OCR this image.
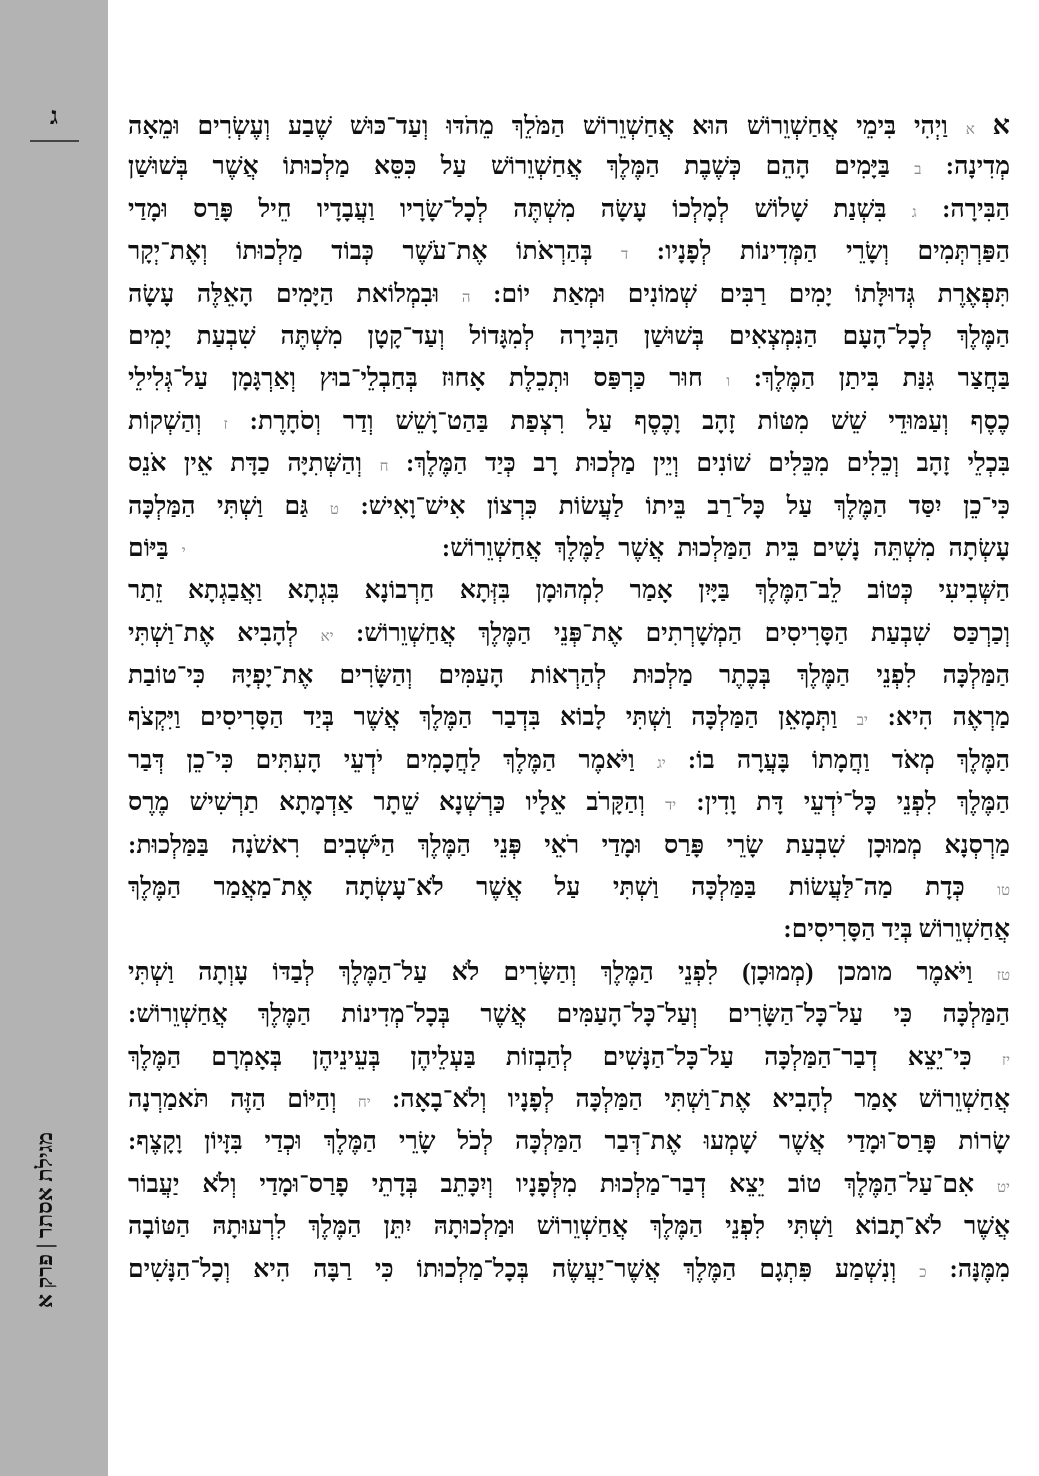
ג
מגילת אסתר | פרק א
א א וַיְהִי בִּימֵי אֲחַשְׁוֵרוֹשׁ הוּא אֲחַשְׁוֵרוֹשׁ הַמֹּלֵךְ מֵהֹדּוּ וְעַד־כּוּשׁ שֶׁבַע וְעֶשְׂרִים וּמֵאָה
מְדִינָה: ב בַּיָּמִים הָהֵם כְּשֶׁבֶת הַמֶּלֶךְ אֲחַשְׁוֵרוֹשׁ עַל כִּסֵּא מַלְכוּתוֹ אֲשֶׁר בְּשׁוּשַׁן
הַבִּירָה: ג בִּשְׁנַת שָׁלוֹשׁ לְמָלְכוֹ עָשָׂה מִשְׁתֶּה לְכָל־שָׂרָיו וַעֲבָדָיו חֵיל פָּרַס וּמָדַי
הַפַּרְתְּמִים וְשָׂרֵי הַמְּדִינוֹת לְפָנָיו: ד בְּהַרְאֹתוֹ אֶת־עֹשֶׁר כְּבוֹד מַלְכוּתוֹ וְאֶת־יְקָר
תִּפְאֶרֶת גְּדוּלָּתוֹ יָמִים רַבִּים שְׁמוֹנִים וּמְאַת יוֹם: ה וּבִמְלוֹאת הַיָּמִים הָאֵלֶּה עָשָׂה
הַמֶּלֶךְ לְכָל־הָעָם הַנִּמְצְאִים בְּשׁוּשַׁן הַבִּירָה לְמִגָּדוֹל וְעַד־קָטָן מִשְׁתֶּה שִׁבְעַת יָמִים
בַּחֲצַר גִּנַּת בִּיתַן הַמֶּלֶךְ: ו חוּר כַּרְפַּס וּתְכֵלֶת אָחוּז בְּחַבְלֵי־בוּץ וְאַרְגָּמָן עַל־גְּלִילֵי
כֶסֶף וְעַמּוּדֵי שֵׁשׁ מִטּוֹת זָהָב וָכֶסֶף עַל רִצְפַת בַּהַט־וָשֵׁשׁ וְדַר וְסֹחָרֶת: ז וְהַשְׁקוֹת
בִּכְלֵי זָהָב וְכֵלִים מִכֵּלִים שׁוֹנִים וְיֵין מַלְכוּת רָב כְּיַד הַמֶּלֶךְ: ח וְהַשְּׁתִיָּה כַדָּת אֵין אֹנֵס
כִּי־כֵן יִסַּד הַמֶּלֶךְ עַל כָּל־רַב בֵּיתוֹ לַעֲשׂוֹת כִּרְצוֹן אִישׁ־וָאִישׁ: ט גַּם וַשְׁתִּי הַמַּלְכָּה
עָשְׂתָה מִשְׁתֵּה נָשִׁים בֵּית הַמַּלְכוּת אֲשֶׁר לַמֶּלֶךְ אֲחַשְׁוֵרוֹשׁ:  י בַּיּוֹם
הַשְּׁבִיעִי כְּטוֹב לֵב־הַמֶּלֶךְ בַּיָּיִן אָמַר לִמְהוּמָן בִּזְּתָא חַרְבוֹנָא בִּגְתָא וַאֲבַגְתָא זֵתַר
וְכַרְכַּס שִׁבְעַת הַסָּרִיסִים הַמְשָׁרְתִים אֶת־פְּנֵי הַמֶּלֶךְ אֲחַשְׁוֵרוֹשׁ: יא לְהָבִיא אֶת־וַשְׁתִּי
הַמַּלְכָּה לִפְנֵי הַמֶּלֶךְ בְּכֶתֶר מַלְכוּת לְהַרְאוֹת הָעַמִּים וְהַשָּׂרִים אֶת־יָפְיָהּ כִּי־טוֹבַת
מַרְאֶה הִיא: יב וַתְּמָאֵן הַמַּלְכָּה וַשְׁתִּי לָבוֹא בִּדְבַר הַמֶּלֶךְ אֲשֶׁר בְּיַד הַסָּרִיסִים וַיִּקְצֹף
הַמֶּלֶךְ מְאֹד וַחֲמָתוֹ בָּעֲרָה בוֹ: יג וַיֹּאמֶר הַמֶּלֶךְ לַחֲכָמִים יֹדְעֵי הָעִתִּים כִּי־כֵן דְּבַר
הַמֶּלֶךְ לִפְנֵי כָּל־יֹדְעֵי דָּת וָדִין: יד וְהַקָּרֹב אֵלָיו כַּרְשְׁנָא שֵׁתָר אַדְמָתָא תַרְשִׁישׁ מֶרֶס
מַרְסְנָא מְמוּכָן שִׁבְעַת שָׂרֵי פָּרַס וּמָדַי רֹאֵי פְּנֵי הַמֶּלֶךְ הַיֹּשְׁבִים רִאשֹׁנָה בַּמַּלְכוּת:
טו כְּדָת מַה־לַּעֲשׂוֹת בַּמַּלְכָּה וַשְׁתִּי עַל אֲשֶׁר לֹא־עָשְׂתָה אֶת־מַאֲמַר הַמֶּלֶךְ
אֲחַשְׁוֵרוֹשׁ בְּיַד הַסָּרִיסִים:
טז וַיֹּאמֶר מומכן (מְמוּכָן) לִפְנֵי הַמֶּלֶךְ וְהַשָּׂרִים לֹא עַל־הַמֶּלֶךְ לְבַדּוֹ עָוְתָה וַשְׁתִּי
הַמַּלְכָּה כִּי עַל־כָּל־הַשָּׂרִים וְעַל־כָּל־הָעַמִּים אֲשֶׁר בְּכָל־מְדִינוֹת הַמֶּלֶךְ אֲחַשְׁוֵרוֹשׁ:
יז כִּי־יֵצֵא דְבַר־הַמַּלְכָּה עַל־כָּל־הַנָּשִׁים לְהַבְזוֹת בַּעְלֵיהֶן בְּעֵינֵיהֶן בְּאָמְרָם הַמֶּלֶךְ
אֲחַשְׁוֵרוֹשׁ אָמַר לְהָבִיא אֶת־וַשְׁתִּי הַמַּלְכָּה לְפָנָיו וְלֹא־בָאָה: יח וְהַיּוֹם הַזֶּה תֹּאמַרְנָה
שָׂרוֹת פָּרַס־וּמָדַי אֲשֶׁר שָׁמְעוּ אֶת־דְּבַר הַמַּלְכָּה לְכֹל שָׂרֵי הַמֶּלֶךְ וּכְדַי בִּזָּיוֹן וָקָצֶף:
יט אִם־עַל־הַמֶּלֶךְ טוֹב יֵצֵא דְבַר־מַלְכוּת מִלְּפָנָיו וְיִכָּתֵב בְּדָתֵי פָרַס־וּמָדַי וְלֹא יַעֲבוֹר
אֲשֶׁר לֹא־תָבוֹא וַשְׁתִּי לִפְנֵי הַמֶּלֶךְ אֲחַשְׁוֵרוֹשׁ וּמַלְכוּתָהּ יִתֵּן הַמֶּלֶךְ לִרְעוּתָהּ הַטּוֹבָה
מִמֶּנָּה: כ וְנִשְׁמַע פִּתְגָם הַמֶּלֶךְ אֲשֶׁר־יַעֲשֶׂה בְּכָל־מַלְכוּתוֹ כִּי רַבָּה הִיא וְכָל־הַנָּשִׁים
